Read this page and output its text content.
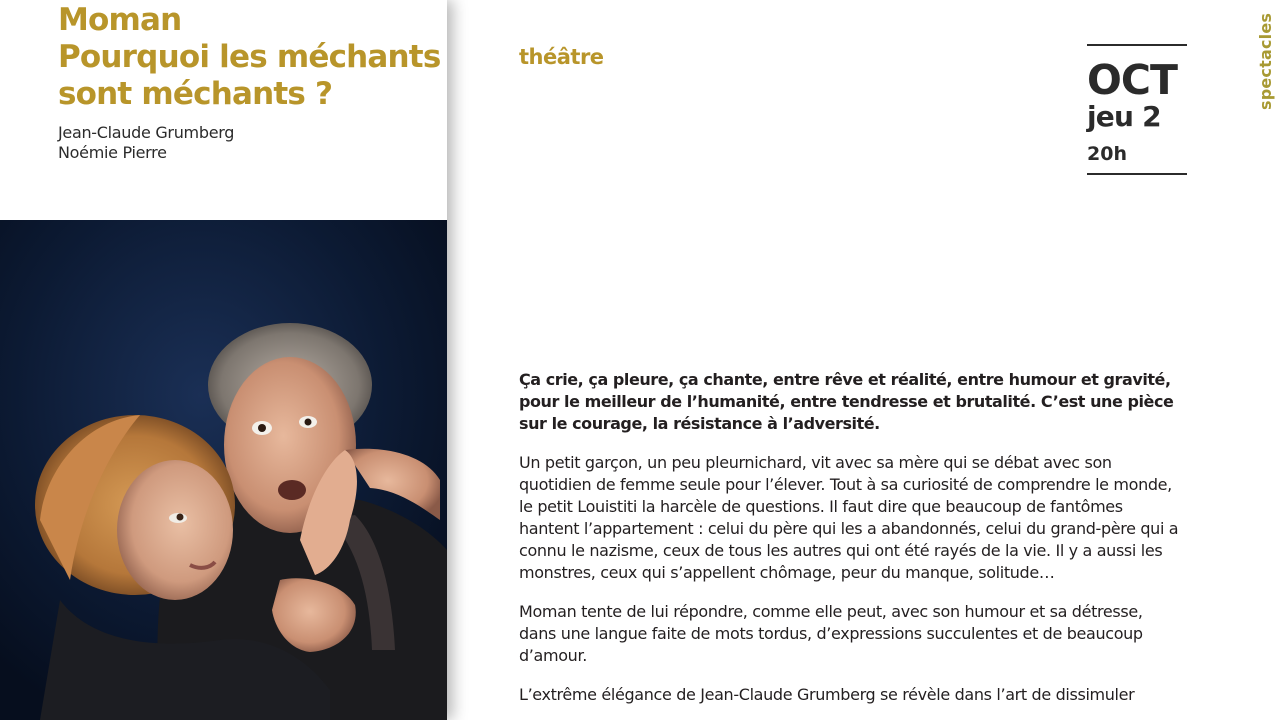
Moman
Pourquoi les méchants
sont méchants ?
Jean-Claude Grumberg
Noémie Pierre
théâtre	OCT
jeu 2
20h
spectacles

Ça crie, ça pleure, ça chante, entre rêve et réalité, entre humour et gravité, pour le meilleur de l’humanité, entre tendresse et brutalité. C’est une pièce sur le courage, la résistance à l’adversité.

Un petit garçon, un peu pleurnichard, vit avec sa mère qui se débat avec son quotidien de femme seule pour l’élever. Tout à sa curiosité de comprendre le monde, le petit Louistiti la harcèle de questions. Il faut dire que beaucoup de fantômes hantent l’appartement : celui du père qui les a abandonnés, celui du grand-père qui a connu le nazisme, ceux de tous les autres qui ont été rayés de la vie. Il y a aussi les monstres, ceux qui s’appellent chômage, peur du manque, solitude…

Moman tente de lui répondre, comme elle peut, avec son humour et sa détresse, dans une langue faite de mots tordus, d’expressions succulentes et de beaucoup d’amour.

L’extrême élégance de Jean-Claude Grumberg se révèle dans l’art de dissimuler
